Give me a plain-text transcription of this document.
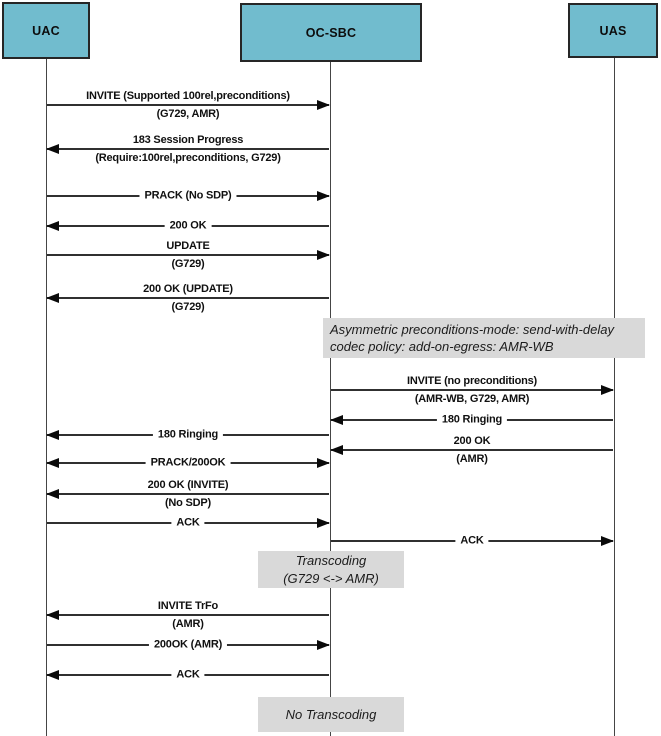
UAC	OC-SBC	UAS
INVITE (Supported 100rel,preconditions)
(G729, AMR)
183 Session Progress
(Require:100rel,preconditions, G729)
PRACK (No SDP)
200 OK
UPDATE
(G729)
200 OK (UPDATE)
(G729)
INVITE (no preconditions)
(AMR-WB, G729, AMR)
180 Ringing
180 Ringing
200 OK
(AMR)
PRACK/200OK
200 OK (INVITE)
(No SDP)
ACK
ACK
INVITE TrFo
(AMR)
200OK (AMR)
ACK
Asymmetric preconditions-mode: send-with-delay
codec policy: add-on-egress: AMR-WB
Transcoding
(G729 <-> AMR)
No Transcoding
